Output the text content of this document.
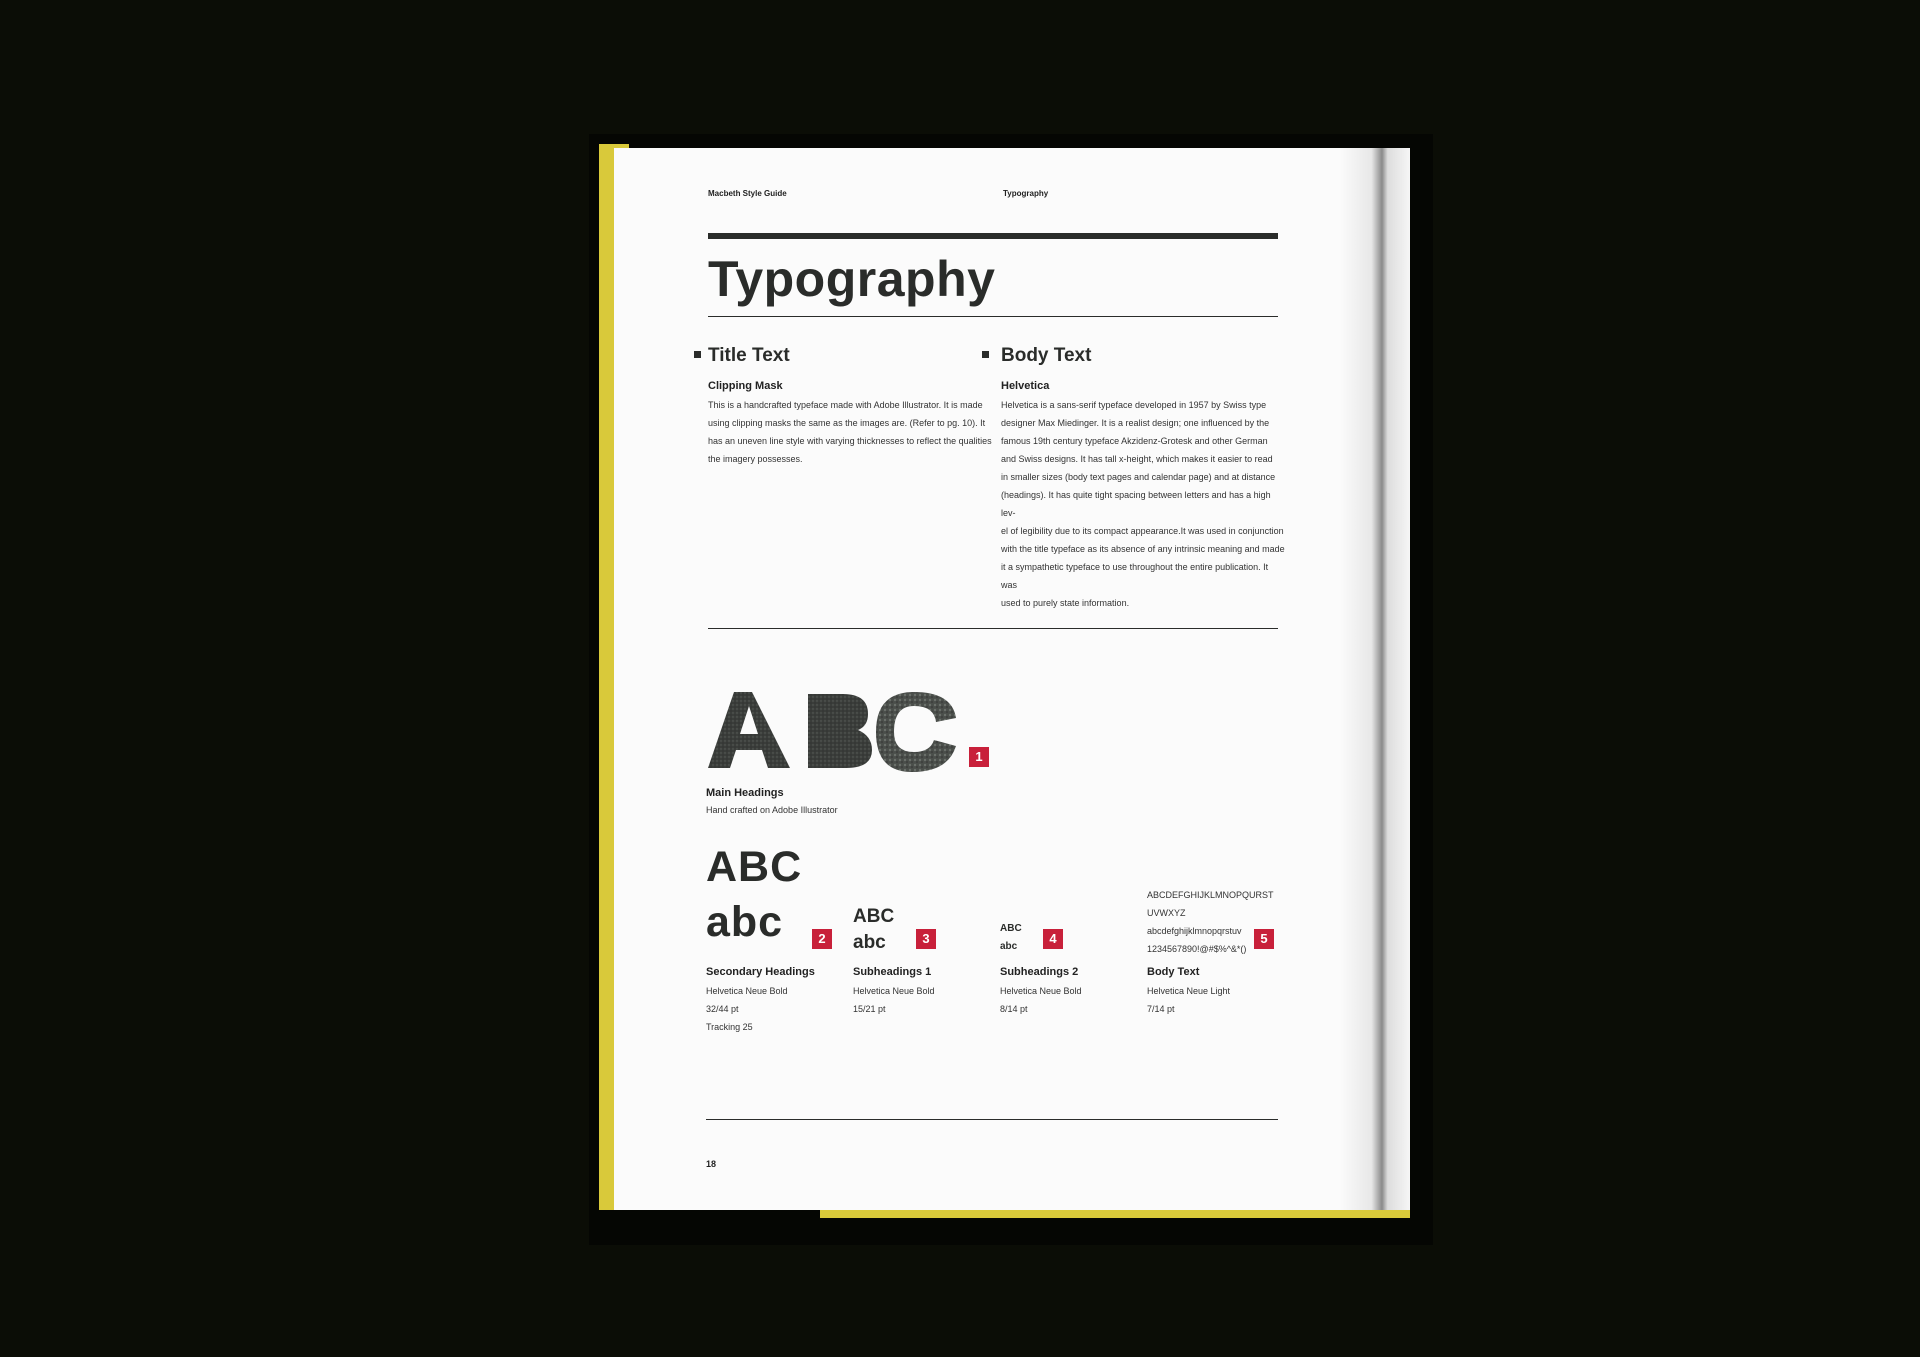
Macbeth Style Guide	Typography
Typography
Title Text
Clipping Mask
This is a handcrafted typeface made with Adobe Illustrator. It is made
using clipping masks the same as the images are. (Refer to pg. 10). It
has an uneven line style with varying thicknesses to reflect the qualities
the imagery possesses.
Body Text
Helvetica
Helvetica is a sans-serif typeface developed in 1957 by Swiss type
designer Max Miedinger. It is a realist design; one influenced by the
famous 19th century typeface Akzidenz-Grotesk and other German
and Swiss designs. It has tall x-height, which makes it easier to read
in smaller sizes (body text pages and calendar page) and at distance
(headings). It has quite tight spacing between letters and has a high lev-
el of legibility due to its compact appearance.It was used in conjunction
with the title typeface as its absence of any intrinsic meaning and made
it a sympathetic typeface to use throughout the entire publication. It was
used to purely state information.
1
Main Headings
Hand crafted on Adobe Illustrator
ABC
abc	2
Secondary Headings
Helvetica Neue Bold
32/44 pt
Tracking 25
ABC
abc	3
Subheadings 1
Helvetica Neue Bold
15/21 pt
ABC
abc
4
Subheadings 2
Helvetica Neue Bold
8/14 pt
ABCDEFGHIJKLMNOPQURST
UVWXYZ
abcdefghijklmnopqrstuv
1234567890!@#$%^&*()
5
Body Text
Helvetica Neue Light
7/14 pt
18
